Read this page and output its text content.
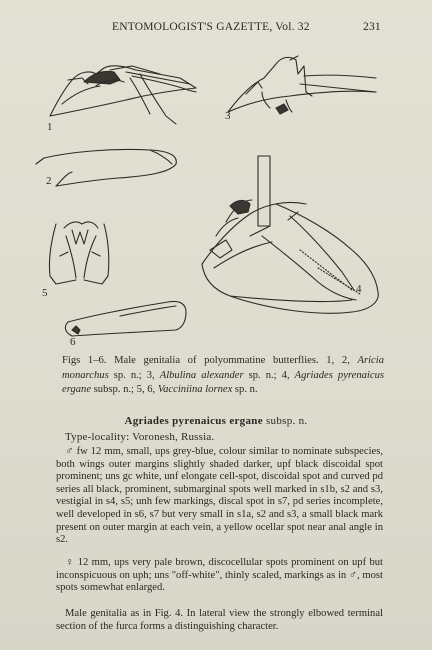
ENTOMOLOGIST'S GAZETTE, Vol. 32	231
1
2
3
4
5
6
Figs 1–6. Male genitalia of polyommatine butterflies. 1, 2, Aricia monarchus sp. n.; 3, Albulina alexander sp. n.; 4, Agriades pyrenaicus ergane subsp. n.; 5, 6, Vacciniina lornex sp. n.
Agriades pyrenaicus ergane subsp. n.
Type-locality: Voronesh, Russia.
♂ fw 12 mm, small, ups grey-blue, colour similar to nominate subspecies, both wings outer margins slightly shaded darker, upf black discoidal spot prominent; uns gc white, unf elongate cell-spot, discoidal spot and curved pd series all black, prominent, submarginal spots well marked in s1b, s2 and s3, vestigial in s4, s5; unh few markings, discal spot in s7, pd series incomplete, well developed in s6, s7 but very small in s1a, s2 and s3, a small black mark present on outer margin at each vein, a yellow ocellar spot near anal angle in s2.
♀ 12 mm, ups very pale brown, discocellular spots prominent on upf but inconspicuous on uph; uns "off-white", thinly scaled, markings as in ♂, most spots somewhat enlarged.
Male genitalia as in Fig. 4. In lateral view the strongly elbowed terminal section of the furca forms a distinguishing character.
